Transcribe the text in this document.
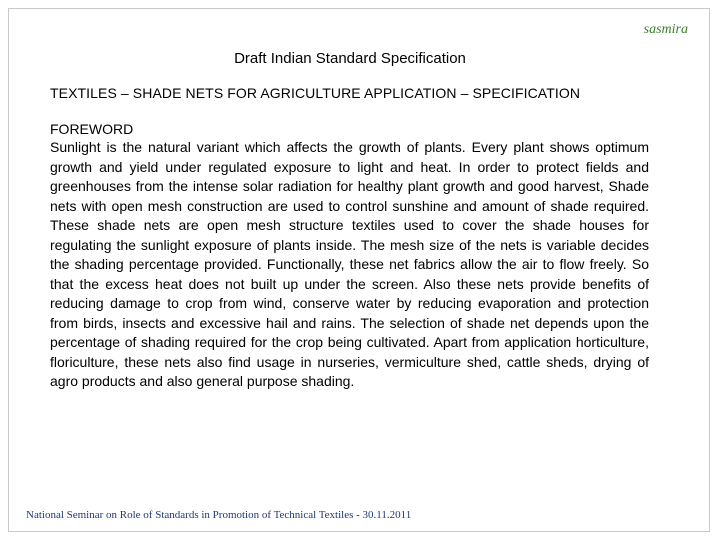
sasmira
Draft Indian Standard Specification
TEXTILES – SHADE NETS FOR AGRICULTURE APPLICATION – SPECIFICATION
FOREWORD

Sunlight is the natural variant which affects the growth of plants. Every plant shows optimum growth and yield under regulated exposure to light and heat. In order to protect fields and greenhouses from the intense solar radiation for healthy plant growth and good harvest, Shade nets with open mesh construction are used to control sunshine and amount of shade required. These shade nets are open mesh structure textiles used to cover the shade houses for regulating the sunlight exposure of plants inside. The mesh size of the nets is variable decides the shading percentage provided. Functionally, these net fabrics allow the air to flow freely. So that the excess heat does not built up under the screen. Also these nets provide benefits of reducing damage to crop from wind, conserve water by reducing evaporation and protection from birds, insects and excessive hail and rains. The selection of shade net depends upon the percentage of shading required for the crop being cultivated. Apart from application horticulture, floriculture, these nets also find usage in nurseries, vermiculture shed, cattle sheds, drying of agro products and also general purpose shading.

National Seminar on Role of Standards in Promotion of Technical Textiles - 30.11.2011
